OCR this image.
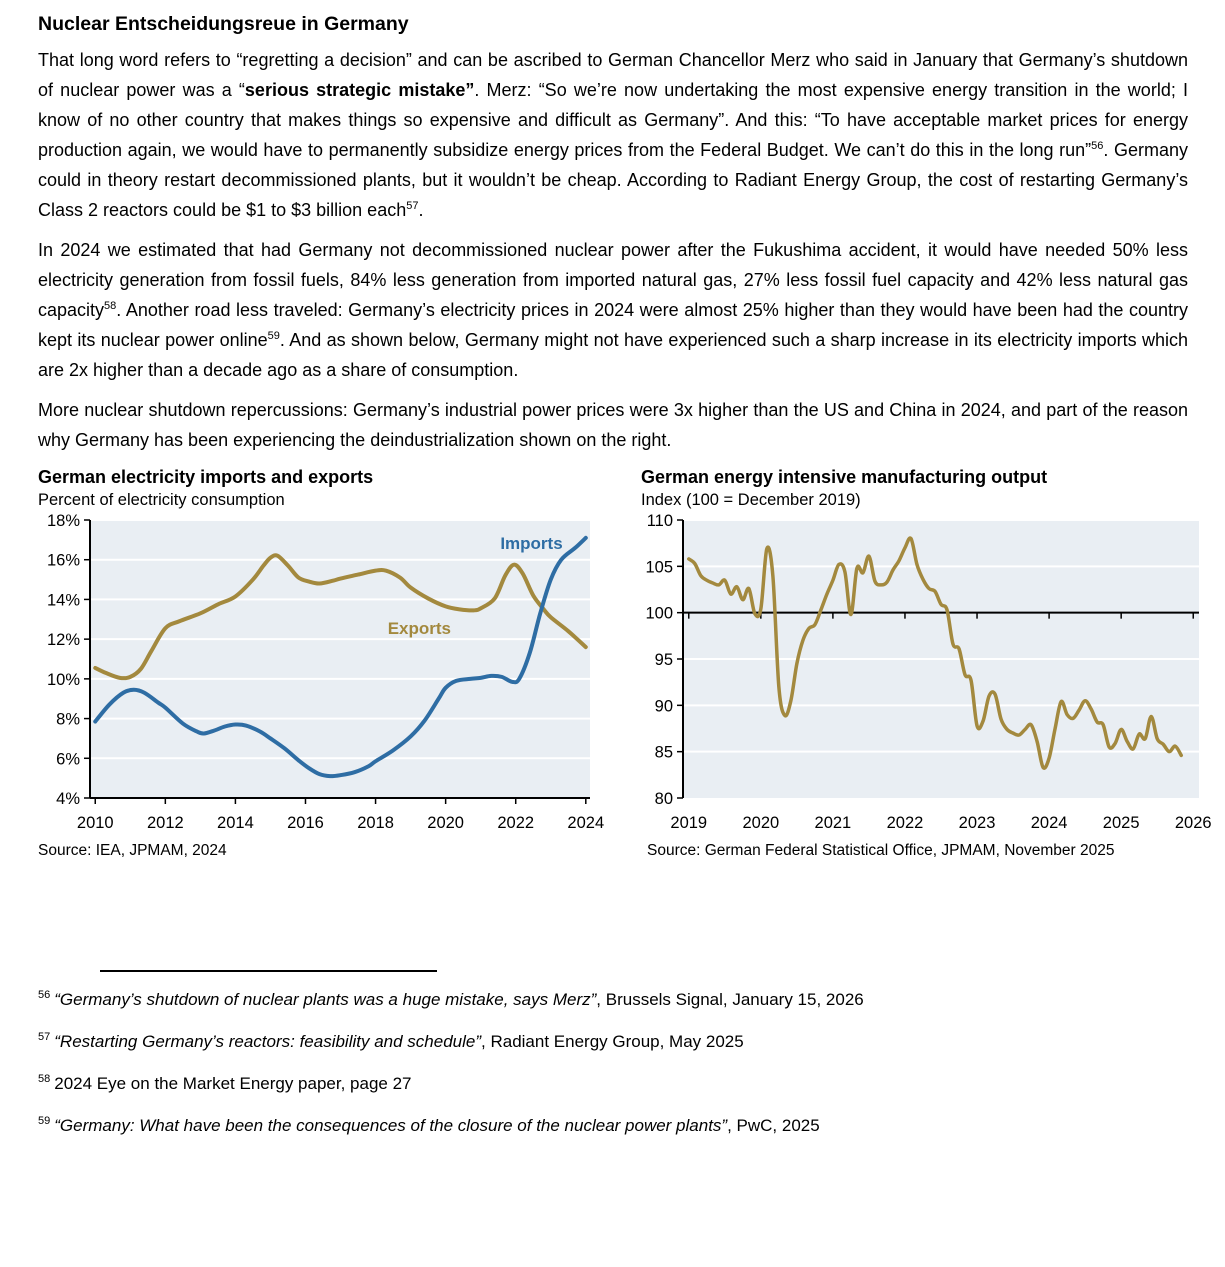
Nuclear Entscheidungsreue in Germany

That long word refers to “regretting a decision” and can be ascribed to German Chancellor Merz who said in January that Germany’s shutdown of nuclear power was a “serious strategic mistake”. Merz: “So we’re now undertaking the most expensive energy transition in the world; I know of no other country that makes things so expensive and difficult as Germany”. And this: “To have acceptable market prices for energy production again, we would have to permanently subsidize energy prices from the Federal Budget. We can’t do this in the long run”$^{56}$. Germany could in theory restart decommissioned plants, but it wouldn’t be cheap. According to Radiant Energy Group, the cost of restarting Germany’s Class 2 reactors could be $1 to $3 billion each$^{57}$.

In 2024 we estimated that had Germany not decommissioned nuclear power after the Fukushima accident, it would have needed 50% less electricity generation from fossil fuels, 84% less generation from imported natural gas, 27% less fossil fuel capacity and 42% less natural gas capacity$^{58}$. Another road less traveled: Germany’s electricity prices in 2024 were almost 25% higher than they would have been had the country kept its nuclear power online$^{59}$. And as shown below, Germany might not have experienced such a sharp increase in its electricity imports which are 2x higher than a decade ago as a share of consumption.

More nuclear shutdown repercussions: Germany’s industrial power prices were 3x higher than the US and China in 2024, and part of the reason why Germany has been experiencing the deindustrialization shown on the right.

German electricity imports and exports
Percent of electricity consumption
4%
6%
8%
10%
12%
14%
16%
18%
2010 2012 2014 2016 2018 2020 2022 2024
Exports
Imports
Source: IEA, JPMAM, 2024
German energy intensive manufacturing output
Index (100 = December 2019)
80
85
90
95
100
105
110
2019 2020 2021 2022 2023 2024 2025 2026
Source: German Federal Statistical Office, JPMAM, November 2025
$^{56}$ “Germany’s shutdown of nuclear plants was a huge mistake, says Merz”, Brussels Signal, January 15, 2026
$^{57}$ “Restarting Germany’s reactors: feasibility and schedule”, Radiant Energy Group, May 2025
$^{58}$ 2024 Eye on the Market Energy paper, page 27
$^{59}$ “Germany: What have been the consequences of the closure of the nuclear power plants”, PwC, 2025
